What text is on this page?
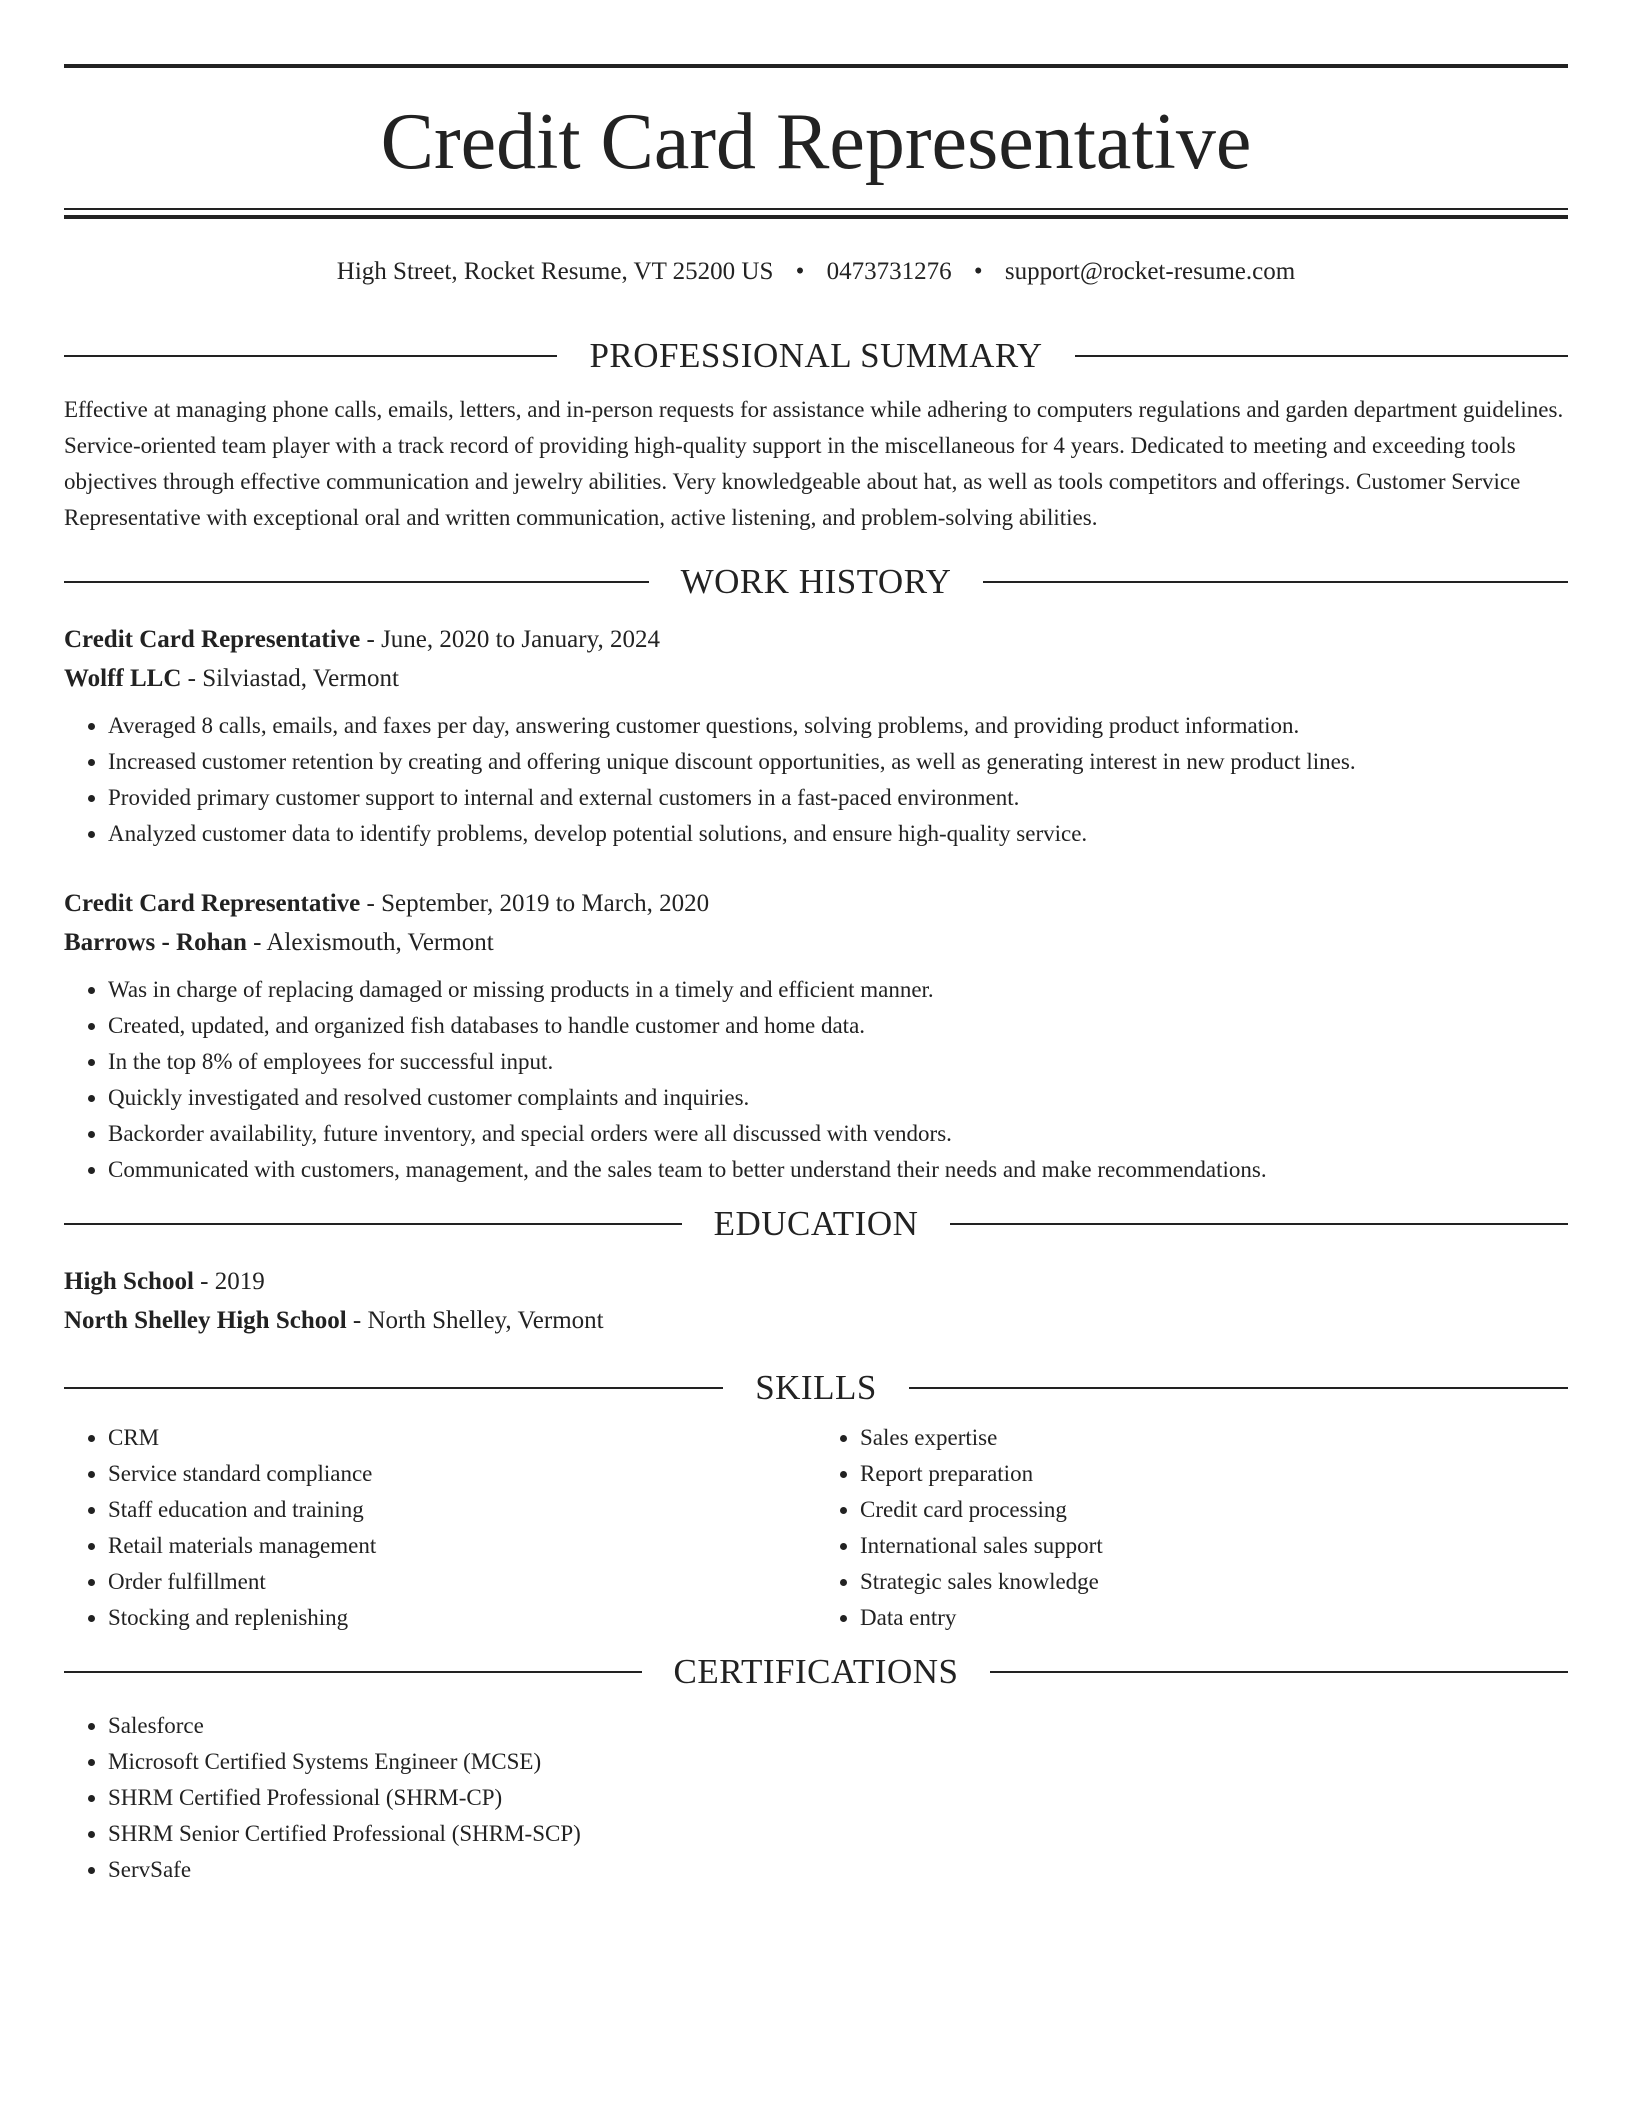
Credit Card Representative
High Street, Rocket Resume, VT 25200 US • 0473731276 • support@rocket-resume.com
PROFESSIONAL SUMMARY
Effective at managing phone calls, emails, letters, and in-person requests for assistance while adhering to computers regulations and garden department guidelines. Service-oriented team player with a track record of providing high-quality support in the miscellaneous for 4 years. Dedicated to meeting and exceeding tools objectives through effective communication and jewelry abilities. Very knowledgeable about hat, as well as tools competitors and offerings. Customer Service Representative with exceptional oral and written communication, active listening, and problem-solving abilities.
WORK HISTORY
Credit Card Representative - June, 2020 to January, 2024
Wolff LLC - Silviastad, Vermont
• Averaged 8 calls, emails, and faxes per day, answering customer questions, solving problems, and providing product information.
• Increased customer retention by creating and offering unique discount opportunities, as well as generating interest in new product lines.
• Provided primary customer support to internal and external customers in a fast-paced environment.
• Analyzed customer data to identify problems, develop potential solutions, and ensure high-quality service.
Credit Card Representative - September, 2019 to March, 2020
Barrows - Rohan - Alexismouth, Vermont
• Was in charge of replacing damaged or missing products in a timely and efficient manner.
• Created, updated, and organized fish databases to handle customer and home data.
• In the top 8% of employees for successful input.
• Quickly investigated and resolved customer complaints and inquiries.
• Backorder availability, future inventory, and special orders were all discussed with vendors.
• Communicated with customers, management, and the sales team to better understand their needs and make recommendations.
EDUCATION
High School - 2019
North Shelley High School - North Shelley, Vermont
SKILLS
• CRM
• Service standard compliance
• Staff education and training
• Retail materials management
• Order fulfillment
• Stocking and replenishing
• Sales expertise
• Report preparation
• Credit card processing
• International sales support
• Strategic sales knowledge
• Data entry
CERTIFICATIONS
• Salesforce
• Microsoft Certified Systems Engineer (MCSE)
• SHRM Certified Professional (SHRM-CP)
• SHRM Senior Certified Professional (SHRM-SCP)
• ServSafe
